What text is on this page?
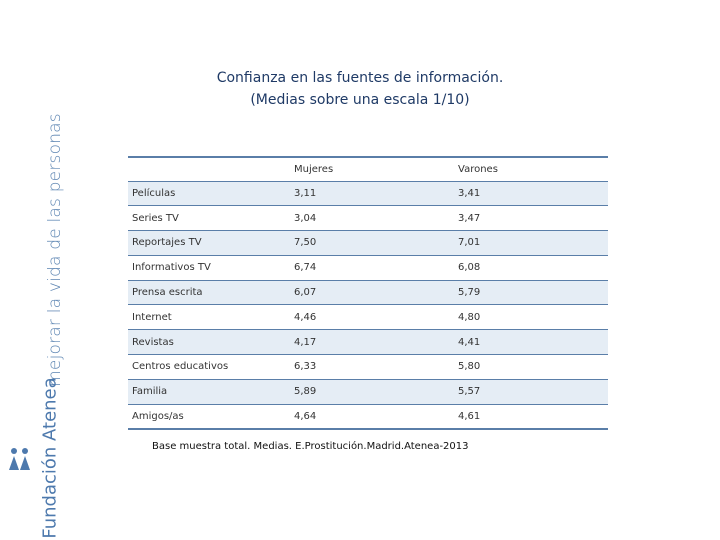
mejorar la vida de las personas
Fundación Atenea
Confianza en las fuentes de información.
(Medias sobre una escala 1/10)
	Mujeres	Varones
Películas	3,11	3,41
Series TV	3,04	3,47
Reportajes TV	7,50	7,01
Informativos TV	6,74	6,08
Prensa escrita	6,07	5,79
Internet	4,46	4,80
Revistas	4,17	4,41
Centros educativos	6,33	5,80
Familia	5,89	5,57
Amigos/as	4,64	4,61
Base muestra total. Medias. E.Prostitución.Madrid.Atenea-2013
